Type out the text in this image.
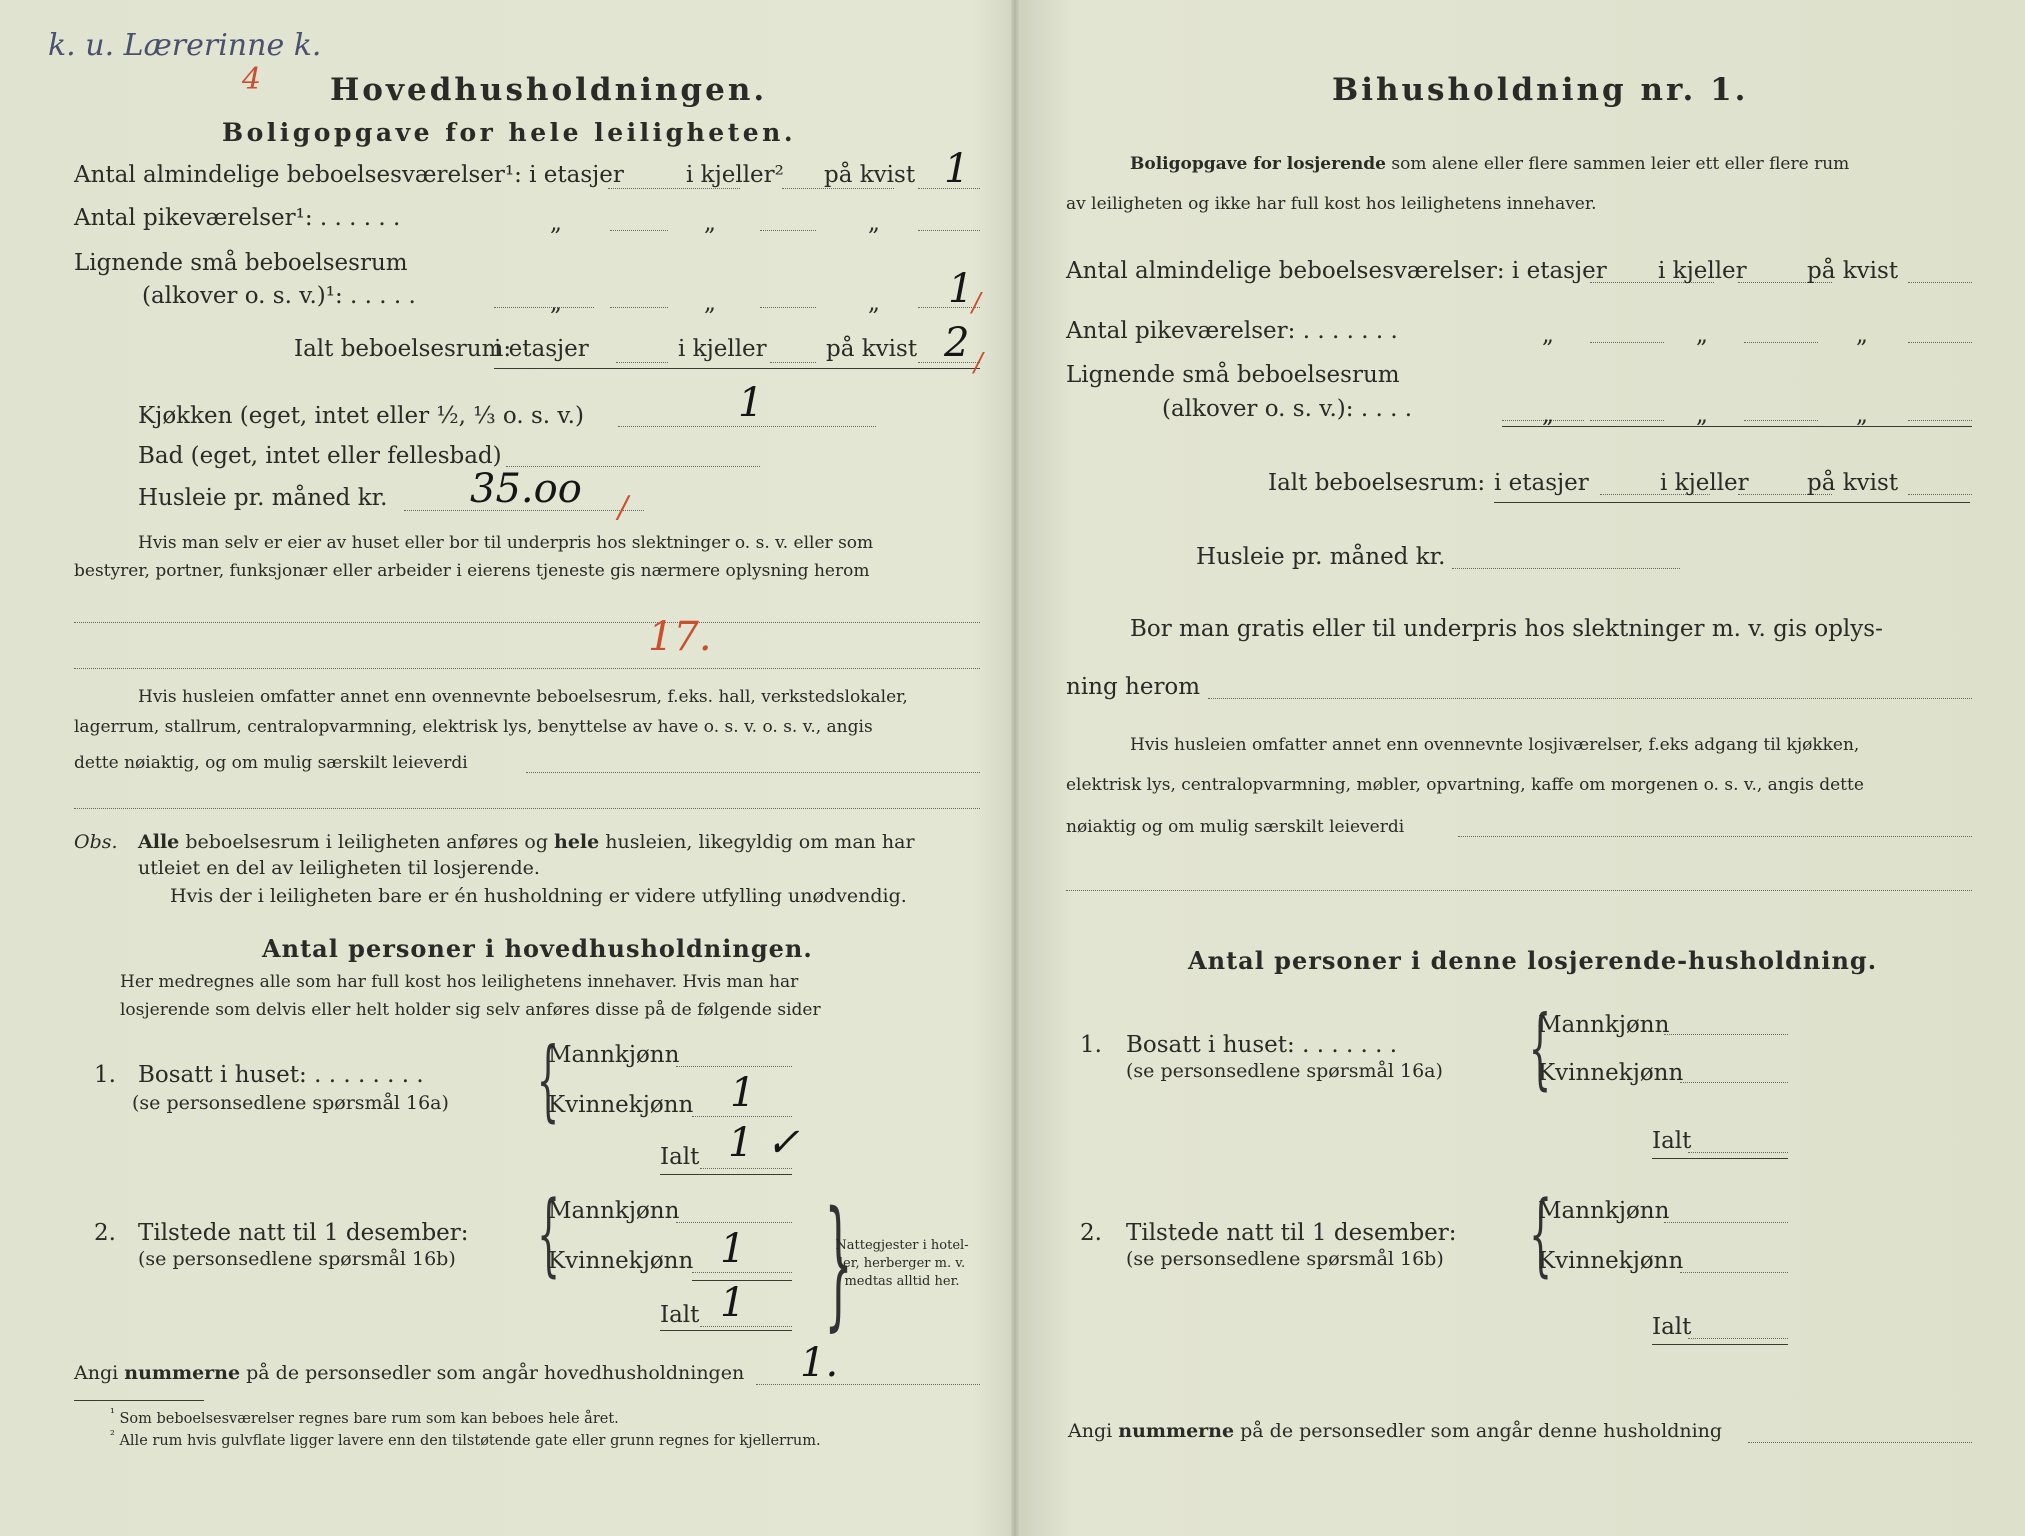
k. u. Lærerinne k.
4 Hovedhusholdningen.
Boligopgave for hele leiligheten.
Antal almindelige beboelsesværelser¹: i etasjer	i kjeller² på kvist 1
Antal pikeværelser¹: . . . . . .	„	„	„
Lignende små beboelsesrum
(alkover o. s. v.)¹: . . . . .	„	„	„ 1
/
Ialt beboelsesrum:
i etasjer	i kjeller	på kvist 2 /
Kjøkken (eget, intet eller ½, ⅓ o. s. v.)	1
Bad (eget, intet eller fellesbad)
Husleie pr. måned kr. 35.oo /
Hvis man selv er eier av huset eller bor til underpris hos slektninger o. s. v. eller som
bestyrer, portner, funksjonær eller arbeider i eierens tjeneste gis nærmere oplysning herom
17.
Hvis husleien omfatter annet enn ovennevnte beboelsesrum, f.eks. hall, verkstedslokaler,
lagerrum, stallrum, centralopvarmning, elektrisk lys, benyttelse av have o. s. v. o. s. v., angis
dette nøiaktig, og om mulig særskilt leieverdi
Obs. Alle beboelsesrum i leiligheten anføres og hele husleien, likegyldig om man har
utleiet en del av leiligheten til losjerende.
Hvis der i leiligheten bare er én husholdning er videre utfylling unødvendig.
Antal personer i hovedhusholdningen.
Her medregnes alle som har full kost hos leilighetens innehaver. Hvis man har
losjerende som delvis eller helt holder sig selv anføres disse på de følgende sider
1. Bosatt i huset: . . . . . . . .
(se personsedlene spørsmål 16a) {
Mannkjønn
Kvinnekjønn 1
Ialt 1 ✓
2. Tilstede natt til 1 desember:
(se personsedlene spørsmål 16b) {
Mannkjønn
Kvinnekjønn 1
Ialt 1 }
Nattegjester i hotel-
ler, herberger m. v.
medtas alltid her.
Angi nummerne på de personsedler som angår hovedhusholdningen 1.
$^{^1}$ Som beboelsesværelser regnes bare rum som kan beboes hele året.
$^{^2}$ Alle rum hvis gulvflate ligger lavere enn den tilstøtende gate eller grunn regnes for kjellerrum.
Bihusholdning nr. 1.
Boligopgave for losjerende som alene eller flere sammen leier ett eller flere rum
av leiligheten og ikke har full kost hos leilighetens innehaver.
Antal almindelige beboelsesværelser: i etasjer i kjeller	på kvist
Antal pikeværelser: . . . . . . .	„	„	„
Lignende små beboelsesrum
(alkover o. s. v.): . . . .	„	„	„
Ialt beboelsesrum: i etasjer	i kjeller	på kvist
Husleie pr. måned kr.
Bor man gratis eller til underpris hos slektninger m. v. gis oplys-
ning herom
Hvis husleien omfatter annet enn ovennevnte losjiværelser, f.eks adgang til kjøkken,
elektrisk lys, centralopvarmning, møbler, opvartning, kaffe om morgenen o. s. v., angis dette
nøiaktig og om mulig særskilt leieverdi
Antal personer i denne losjerende-husholdning.
1. Bosatt i huset: . . . . . . .
(se personsedlene spørsmål 16a) {
Mannkjønn
Kvinnekjønn
Ialt
2. Tilstede natt til 1 desember:
(se personsedlene spørsmål 16b) {
Mannkjønn
Kvinnekjønn
Ialt
Angi nummerne på de personsedler som angår denne husholdning
